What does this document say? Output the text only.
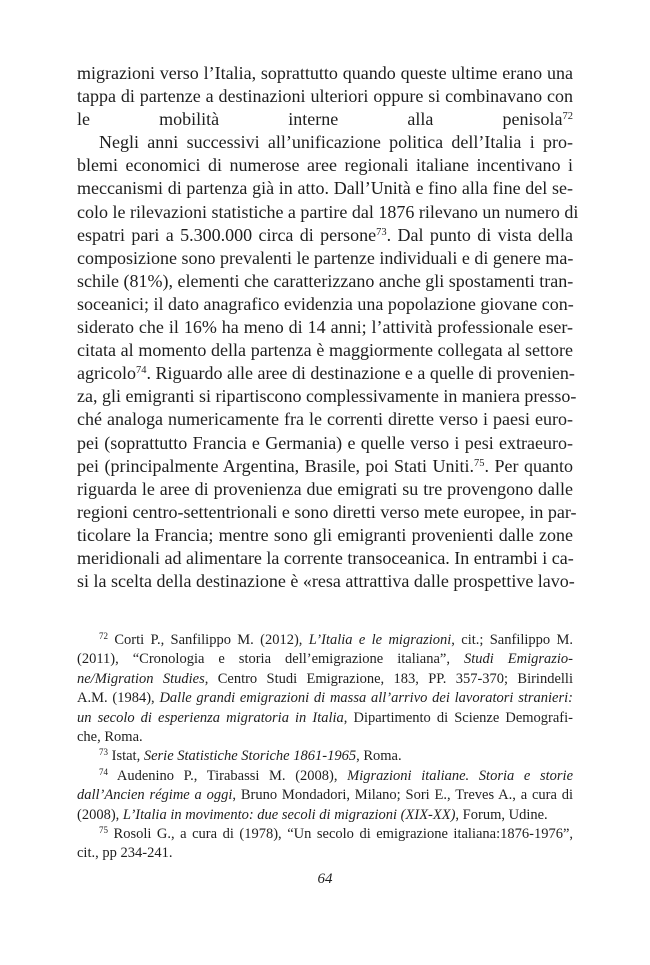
migrazioni verso l’Italia, soprattutto quando queste ultime erano una
tappa di partenze a destinazioni ulteriori oppure si combinavano con
le mobilità interne alla penisola$^{72}$

Negli anni successivi all’unificazione politica dell’Italia i pro-
blemi economici di numerose aree regionali italiane incentivano i
meccanismi di partenza già in atto. Dall’Unità e fino alla fine del se-
colo le rilevazioni statistiche a partire dal 1876 rilevano un numero di
espatri pari a 5.300.000 circa di persone$^{73}$. Dal punto di vista della
composizione sono prevalenti le partenze individuali e di genere ma-
schile (81%), elementi che caratterizzano anche gli spostamenti tran-
soceanici; il dato anagrafico evidenzia una popolazione giovane con-
siderato che il 16% ha meno di 14 anni; l’attività professionale eser-
citata al momento della partenza è maggiormente collegata al settore
agricolo$^{74}$. Riguardo alle aree di destinazione e a quelle di provenien-
za, gli emigranti si ripartiscono complessivamente in maniera presso-
ché analoga numericamente fra le correnti dirette verso i paesi euro-
pei (soprattutto Francia e Germania) e quelle verso i pesi extraeuro-
pei (principalmente Argentina, Brasile, poi Stati Uniti.$^{75}$. Per quanto
riguarda le aree di provenienza due emigrati su tre provengono dalle
regioni centro-settentrionali e sono diretti verso mete europee, in par-
ticolare la Francia; mentre sono gli emigranti provenienti dalle zone
meridionali ad alimentare la corrente transoceanica. In entrambi i ca-
si la scelta della destinazione è «resa attrattiva dalle prospettive lavo-

$^{72}$ Corti P., Sanfilippo M. (2012), L’Italia e le migrazioni, cit.; Sanfilippo M.
(2011), “Cronologia e storia dell’emigrazione italiana”, Studi Emigrazio-
ne/Migration Studies, Centro Studi Emigrazione, 183, PP. 357-370; Birindelli
A.M. (1984), Dalle grandi emigrazioni di massa all’arrivo dei lavoratori stranieri:
un secolo di esperienza migratoria in Italia, Dipartimento di Scienze Demografi-
che, Roma.
$^{73}$ Istat, Serie Statistiche Storiche 1861-1965, Roma.
$^{74}$ Audenino P., Tirabassi M. (2008), Migrazioni italiane. Storia e storie
dall’Ancien régime a oggi, Bruno Mondadori, Milano; Sori E., Treves A., a cura di
(2008), L’Italia in movimento: due secoli di migrazioni (XIX-XX), Forum, Udine.
$^{75}$ Rosoli G., a cura di (1978), “Un secolo di emigrazione italiana:1876-1976”,
cit., pp 234-241.
64
